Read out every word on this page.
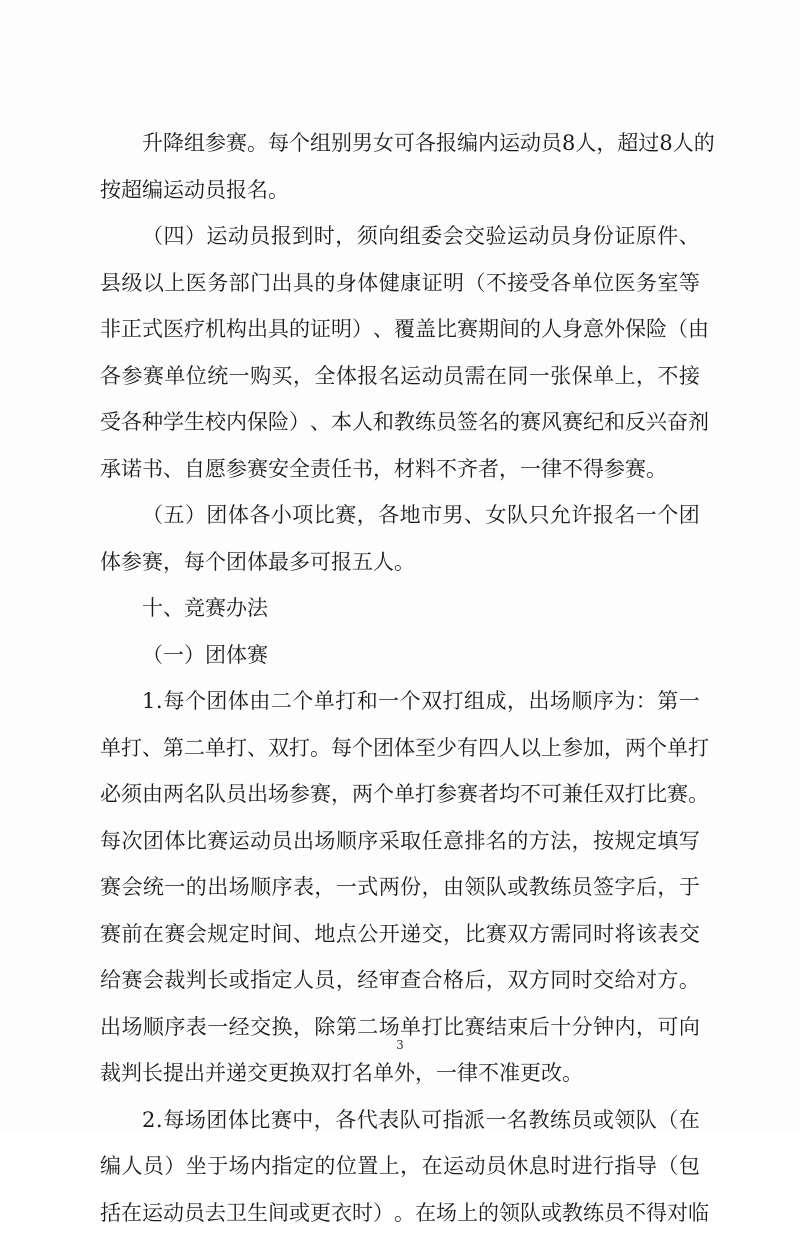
升 降 组 参 赛 。 每 个 组 别 男 女 可 各 报 编 内 运 动 员 8 人 ， 超 过 8 人 的
按超编运动员报名。
（ 四 ） 运 动 员 报 到 时 ， 须 向 组 委 会 交 验 运 动 员 身 份 证 原 件 、
县 级 以 上 医 务 部 门 出 具 的 身 体 健 康 证 明 （ 不 接 受 各 单 位 医 务 室 等
非 正 式 医 疗 机 构 出 具 的 证 明 ） 、 覆 盖 比 赛 期 间 的 人 身 意 外 保 险 （ 由
各 参 赛 单 位 统 一 购 买 ， 全 体 报 名 运 动 员 需 在 同 一 张 保 单 上 ， 不 接
受 各 种 学 生 校 内 保 险 ） 、 本 人 和 教 练 员 签 名 的 赛 风 赛 纪 和 反 兴 奋 剂
承诺书、自愿参赛安全责任书，材料不齐者，一律不得参赛。
（ 五 ） 团 体 各 小 项 比 赛 ， 各 地 市 男 、 女 队 只 允 许 报 名 一 个 团
体参赛，每个团体最多可报五人。
十、竞赛办法
（一）团体赛
1 . 每 个 团 体 由 二 个 单 打 和 一 个 双 打 组 成 ， 出 场 顺 序 为 ： 第 一
单 打 、 第 二 单 打 、 双 打 。 每 个 团 体 至 少 有 四 人 以 上 参 加 ， 两 个 单 打
必 须 由 两 名 队 员 出 场 参 赛 ， 两 个 单 打 参 赛 者 均 不 可 兼 任 双 打 比 赛 。
每 次 团 体 比 赛 运 动 员 出 场 顺 序 采 取 任 意 排 名 的 方 法 ， 按 规 定 填 写
赛 会 统 一 的 出 场 顺 序 表 ， 一 式 两 份 ， 由 领 队 或 教 练 员 签 字 后 ， 于
赛 前 在 赛 会 规 定 时 间 、 地 点 公 开 递 交 ， 比 赛 双 方 需 同 时 将 该 表 交
给 赛 会 裁 判 长 或 指 定 人 员 ， 经 审 查 合 格 后 ， 双 方 同 时 交 给 对 方 。
出 场 顺 序 表 一 经 交 换 ， 除 第 二 场 单 打 比 赛 结 束 后 十 分 钟 内 ， 可 向
裁判长提出并递交更换双打名单外，一律不准更改。
2 . 每 场 团 体 比 赛 中 ， 各 代 表 队 可 指 派 一 名 教 练 员 或 领 队 （ 在
编 人 员 ） 坐 于 场 内 指 定 的 位 置 上 ， 在 运 动 员 休 息 时 进 行 指 导 （ 包
括 在 运 动 员 去 卫 生 间 或 更 衣 时 ） 。 在 场 上 的 领 队 或 教 练 员 不 得 对 临
3
